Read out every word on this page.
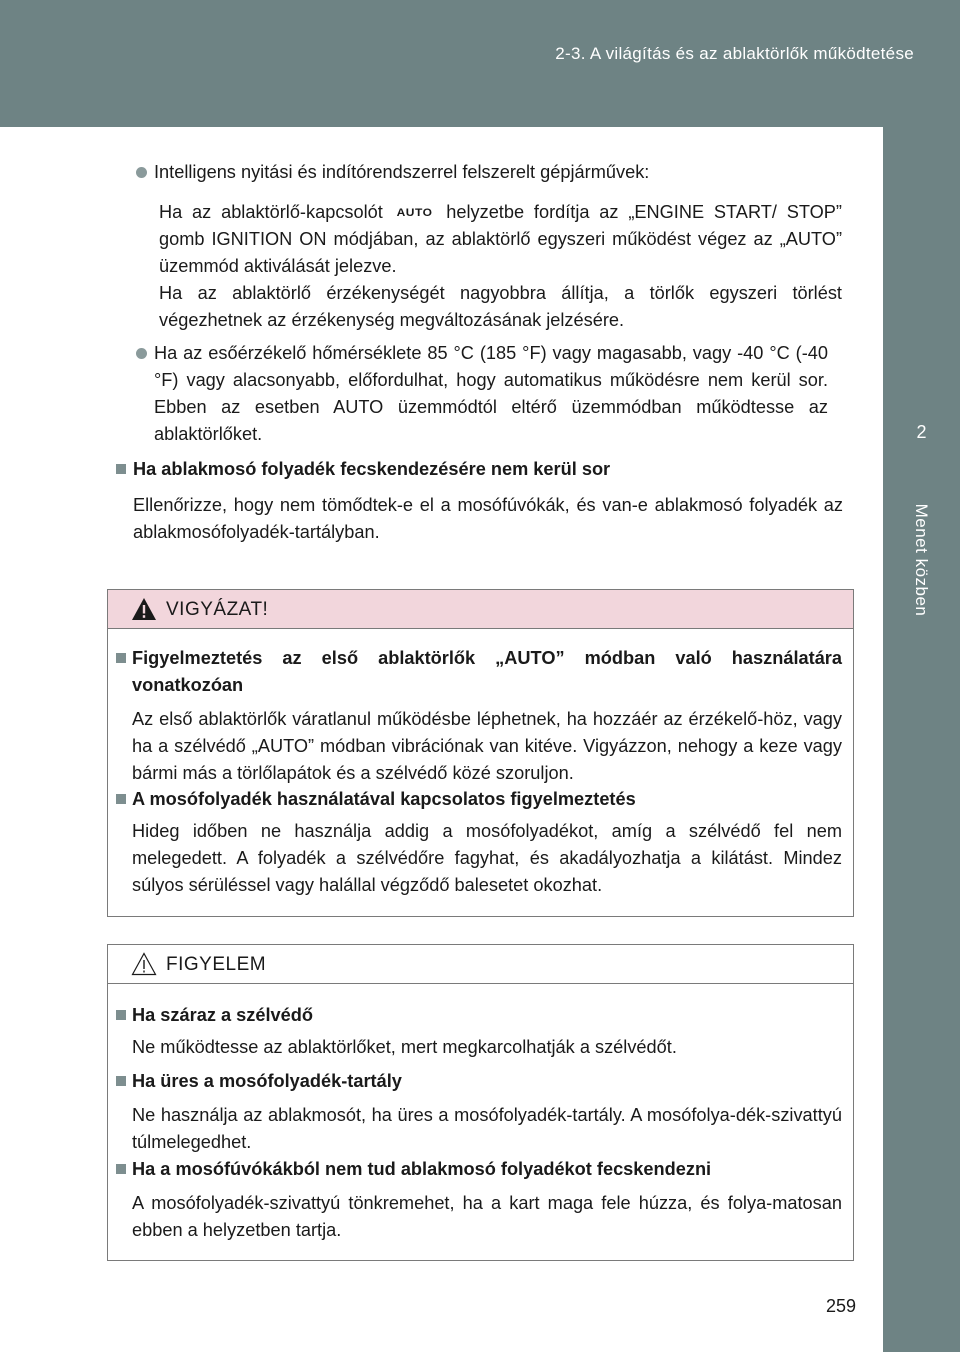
2-3. A világítás és az ablaktörlők működtetése
2
Menet közben
Intelligens nyitási és indítórendszerrel felszerelt gépjárművek:
Ha az ablaktörlő-kapcsolót AUTO helyzetbe fordítja az „ENGINE START/ STOP” gomb IGNITION ON módjában, az ablaktörlő egyszeri működést végez az „AUTO” üzemmód aktiválását jelezve.
Ha az ablaktörlő érzékenységét nagyobbra állítja, a törlők egyszeri törlést végezhetnek az érzékenység megváltozásának jelzésére.
Ha az esőérzékelő hőmérséklete 85 °C (185 °F) vagy magasabb, vagy -40 °C (-40 °F) vagy alacsonyabb, előfordulhat, hogy automatikus működésre nem kerül sor. Ebben az esetben AUTO üzemmódtól eltérő üzemmódban működtesse az ablaktörlőket.
Ha ablakmosó folyadék fecskendezésére nem kerül sor
Ellenőrizze, hogy nem tömődtek-e el a mosófúvókák, és van-e ablakmosó folyadék az ablakmosófolyadék-tartályban.
VIGYÁZAT!
Figyelmeztetés az első ablaktörlők „AUTO” módban való használatára vonatkozóan
Az első ablaktörlők váratlanul működésbe léphetnek, ha hozzáér az érzékelő-höz, vagy ha a szélvédő „AUTO” módban vibrációnak van kitéve. Vigyázzon, nehogy a keze vagy bármi más a törlőlapátok és a szélvédő közé szoruljon.
A mosófolyadék használatával kapcsolatos figyelmeztetés
Hideg időben ne használja addig a mosófolyadékot, amíg a szélvédő fel nem melegedett. A folyadék a szélvédőre fagyhat, és akadályozhatja a kilátást. Mindez súlyos sérüléssel vagy halállal végződő balesetet okozhat.
FIGYELEM
Ha száraz a szélvédő
Ne működtesse az ablaktörlőket, mert megkarcolhatják a szélvédőt.
Ha üres a mosófolyadék-tartály
Ne használja az ablakmosót, ha üres a mosófolyadék-tartály. A mosófolya-dék-szivattyú túlmelegedhet.
Ha a mosófúvókákból nem tud ablakmosó folyadékot fecskendezni
A mosófolyadék-szivattyú tönkremehet, ha a kart maga fele húzza, és folya-matosan ebben a helyzetben tartja.
259
